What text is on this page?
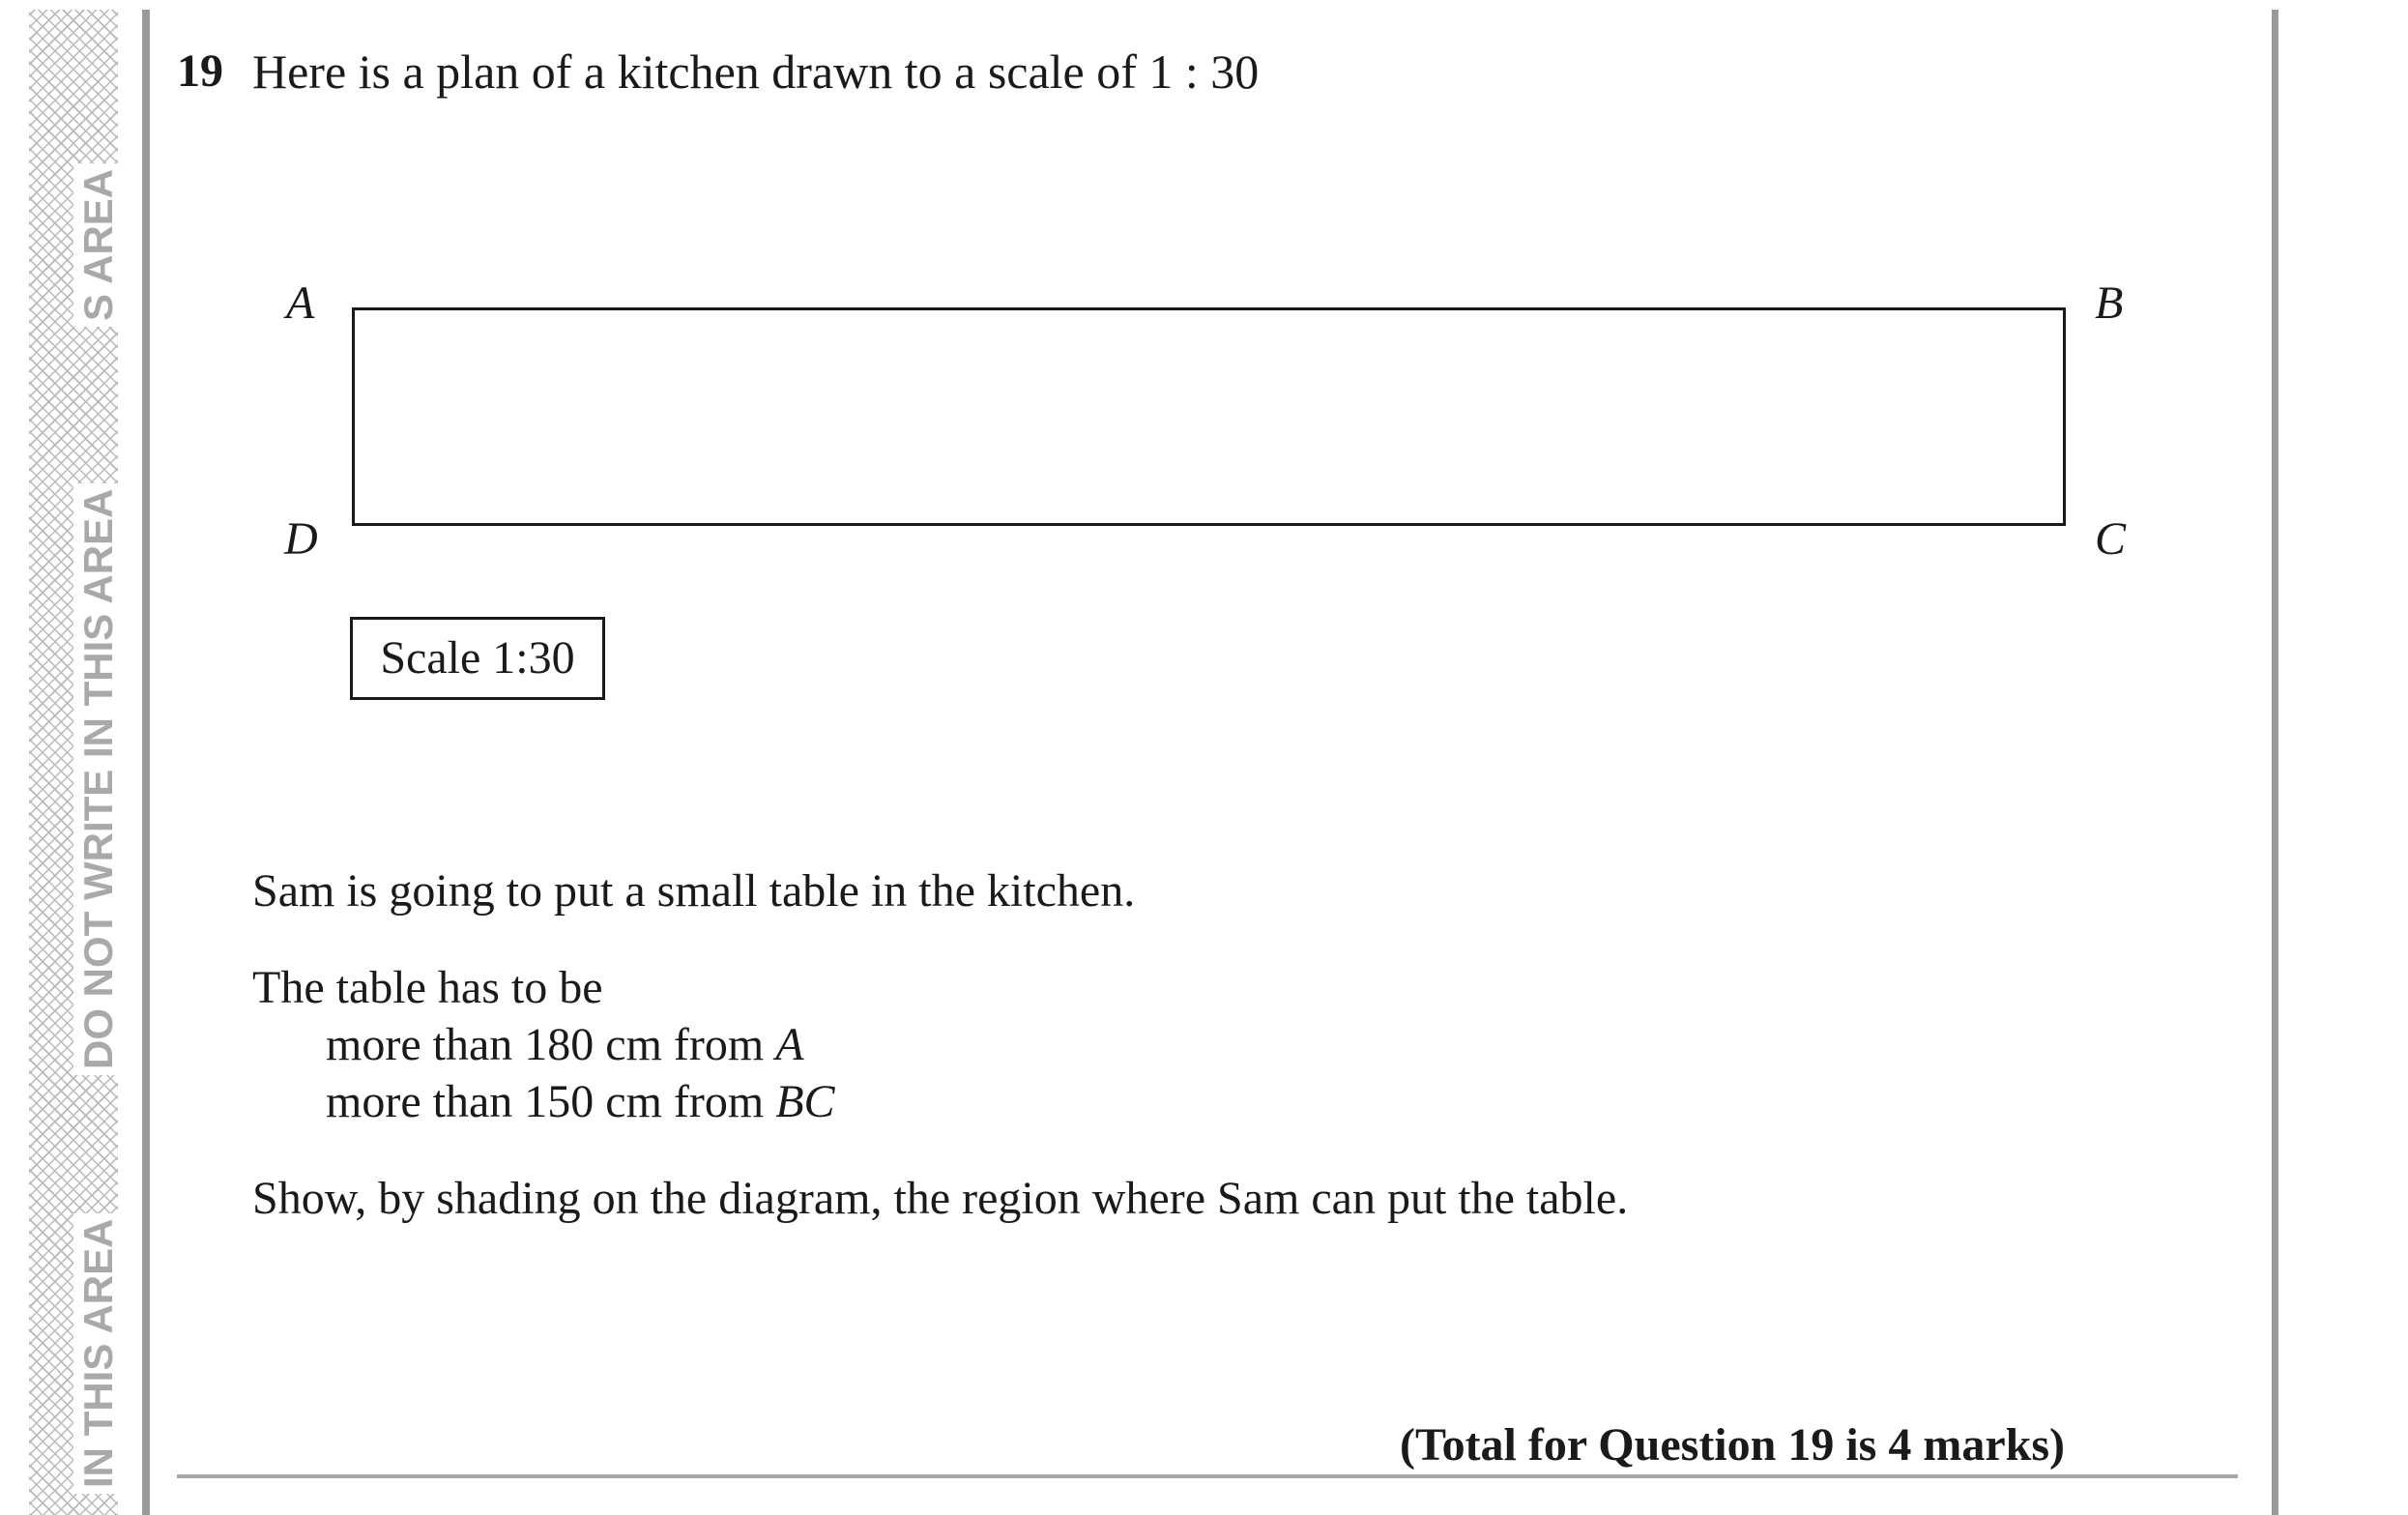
IN THIS AREA
DO NOT WRITE IN THIS AREA
S AREA
19 Here is a plan of a kitchen drawn to a scale of 1 : 30
A	B
C
D
Scale 1:30
Sam is going to put a small table in the kitchen.
The table has to be
more than 180 cm from A
more than 150 cm from BC
Show, by shading on the diagram, the region where Sam can put the table.
(Total for Question 19 is 4 marks)
